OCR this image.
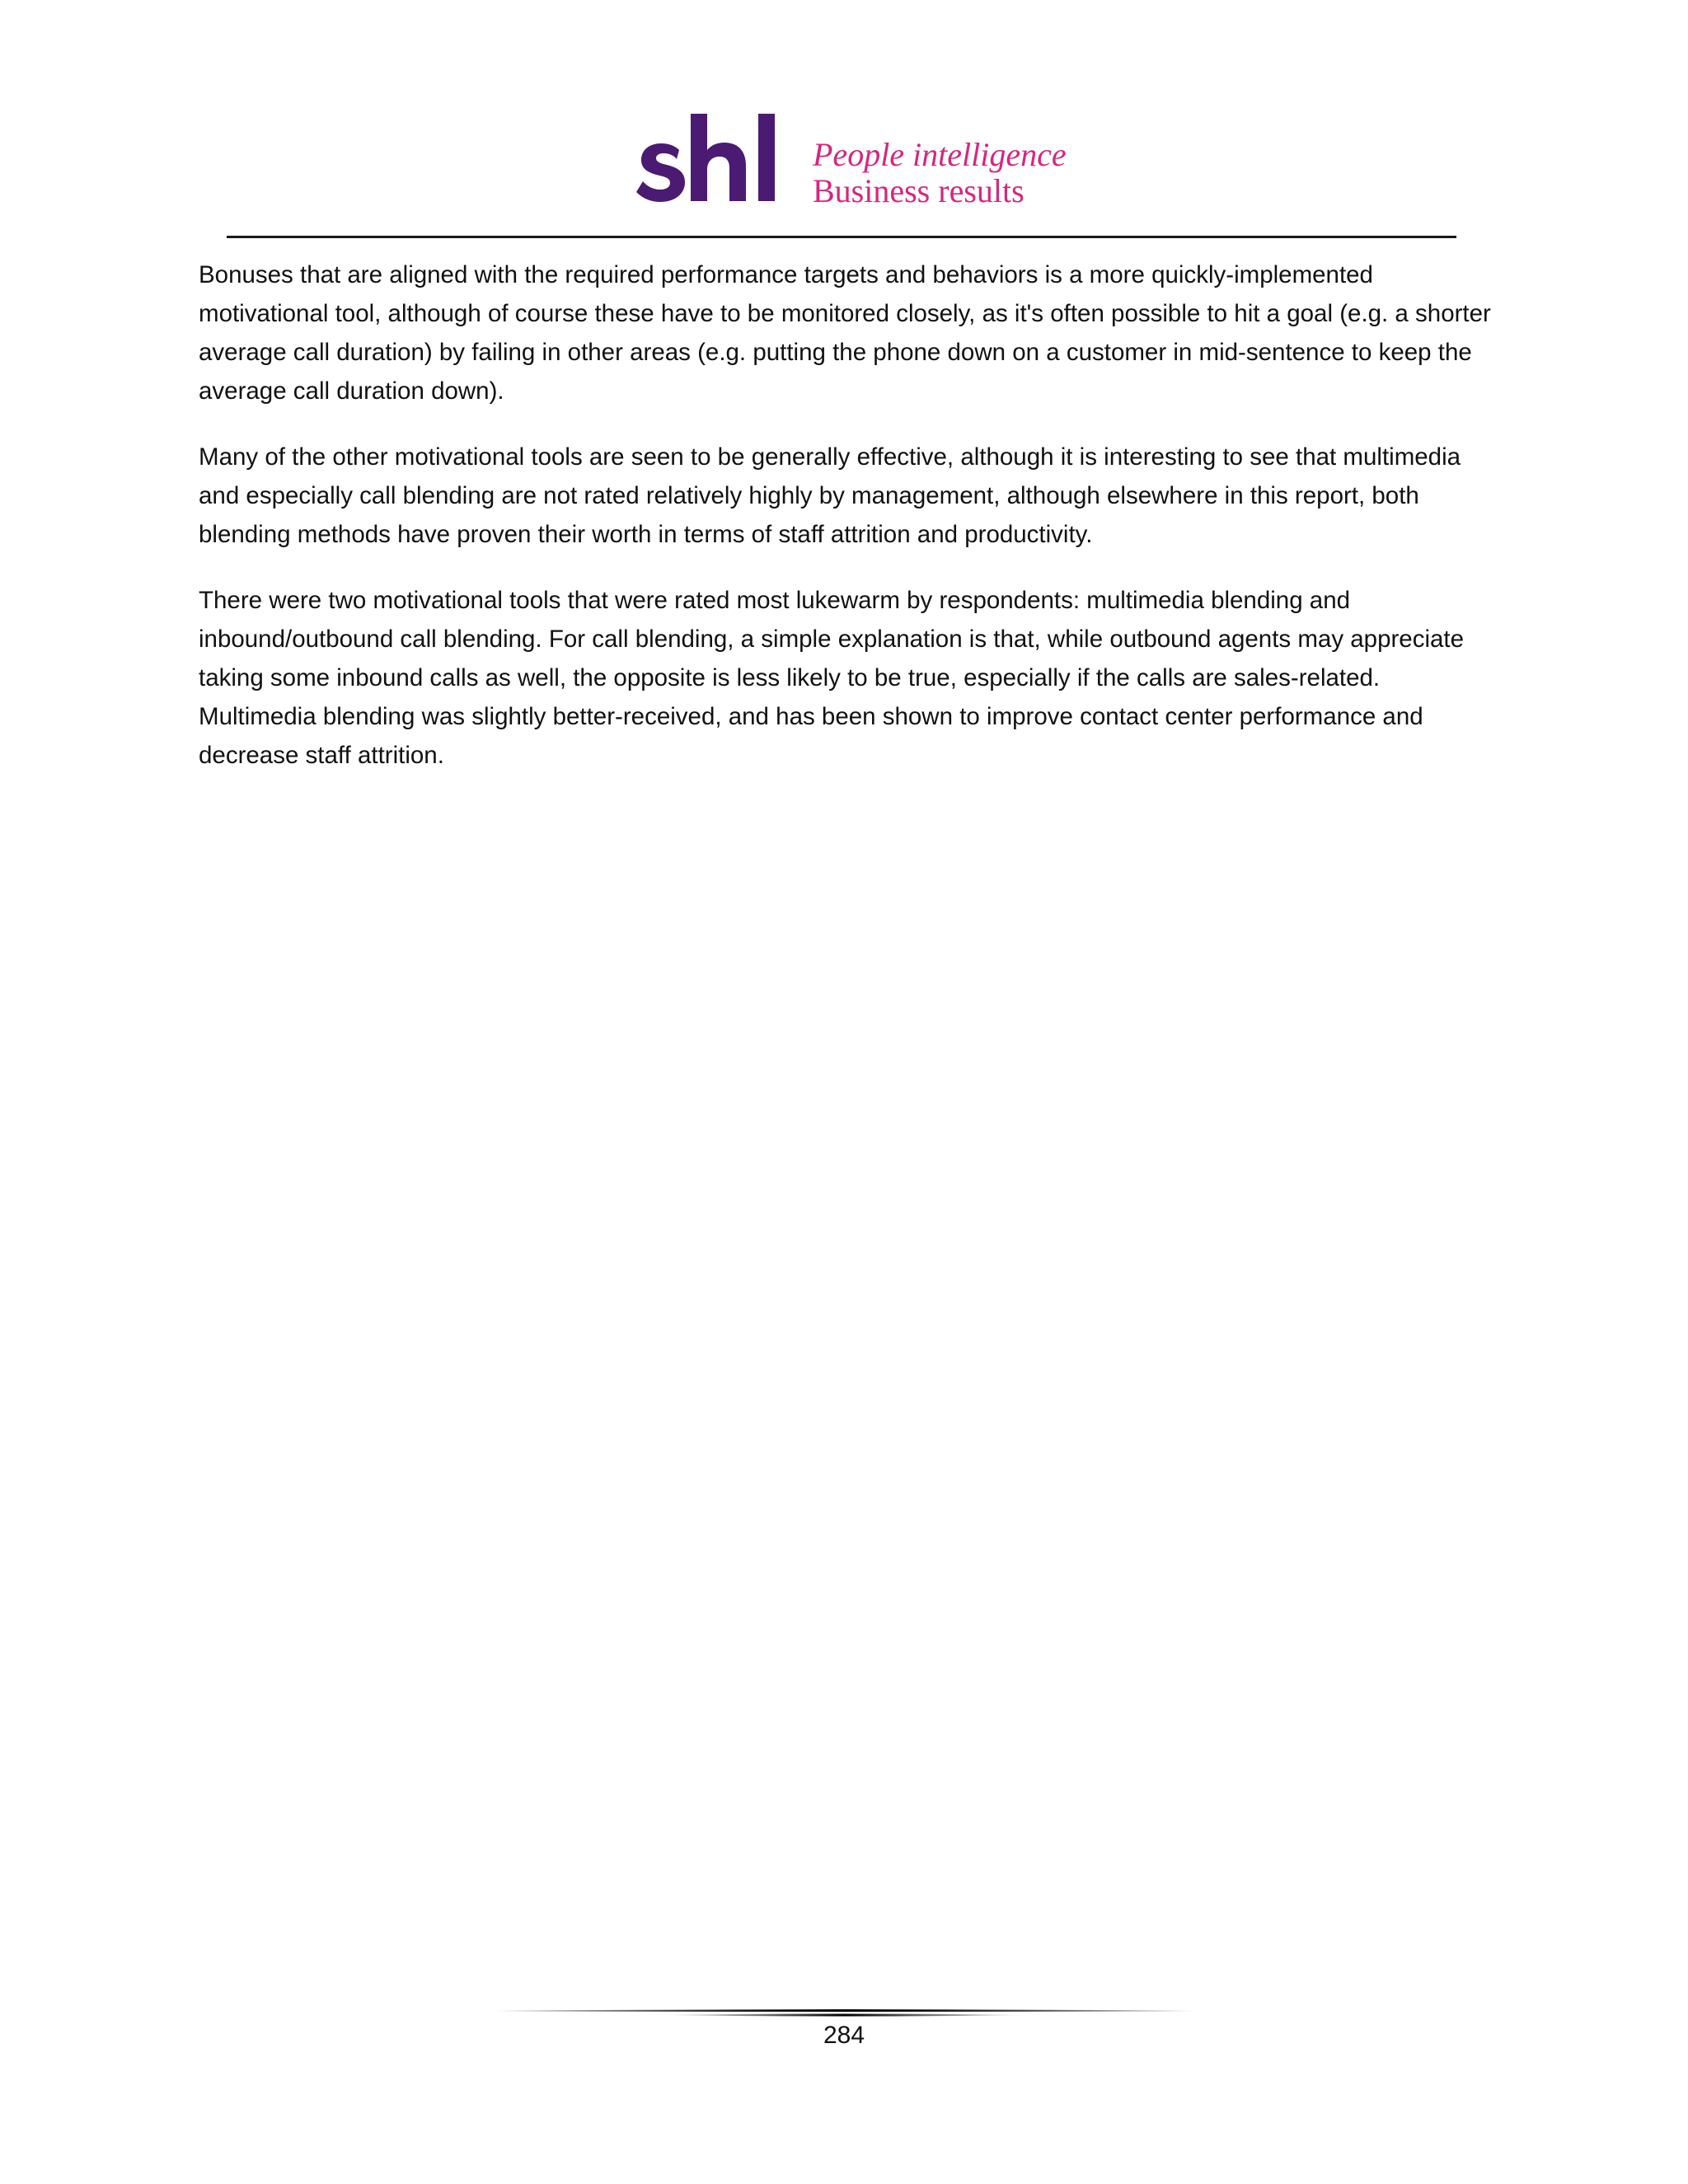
People intelligence
Business results

Bonuses that are aligned with the required performance targets and behaviors is a more quickly-implemented motivational tool, although of course these have to be monitored closely, as it's often possible to hit a goal (e.g. a shorter average call duration) by failing in other areas (e.g. putting the phone down on a customer in mid-sentence to keep the average call duration down).

Many of the other motivational tools are seen to be generally effective, although it is interesting to see that multimedia and especially call blending are not rated relatively highly by management, although elsewhere in this report, both blending methods have proven their worth in terms of staff attrition and productivity.

There were two motivational tools that were rated most lukewarm by respondents: multimedia blending and inbound/outbound call blending. For call blending, a simple explanation is that, while outbound agents may appreciate taking some inbound calls as well, the opposite is less likely to be true, especially if the calls are sales-related. Multimedia blending was slightly better-received, and has been shown to improve contact center performance and decrease staff attrition.

284
